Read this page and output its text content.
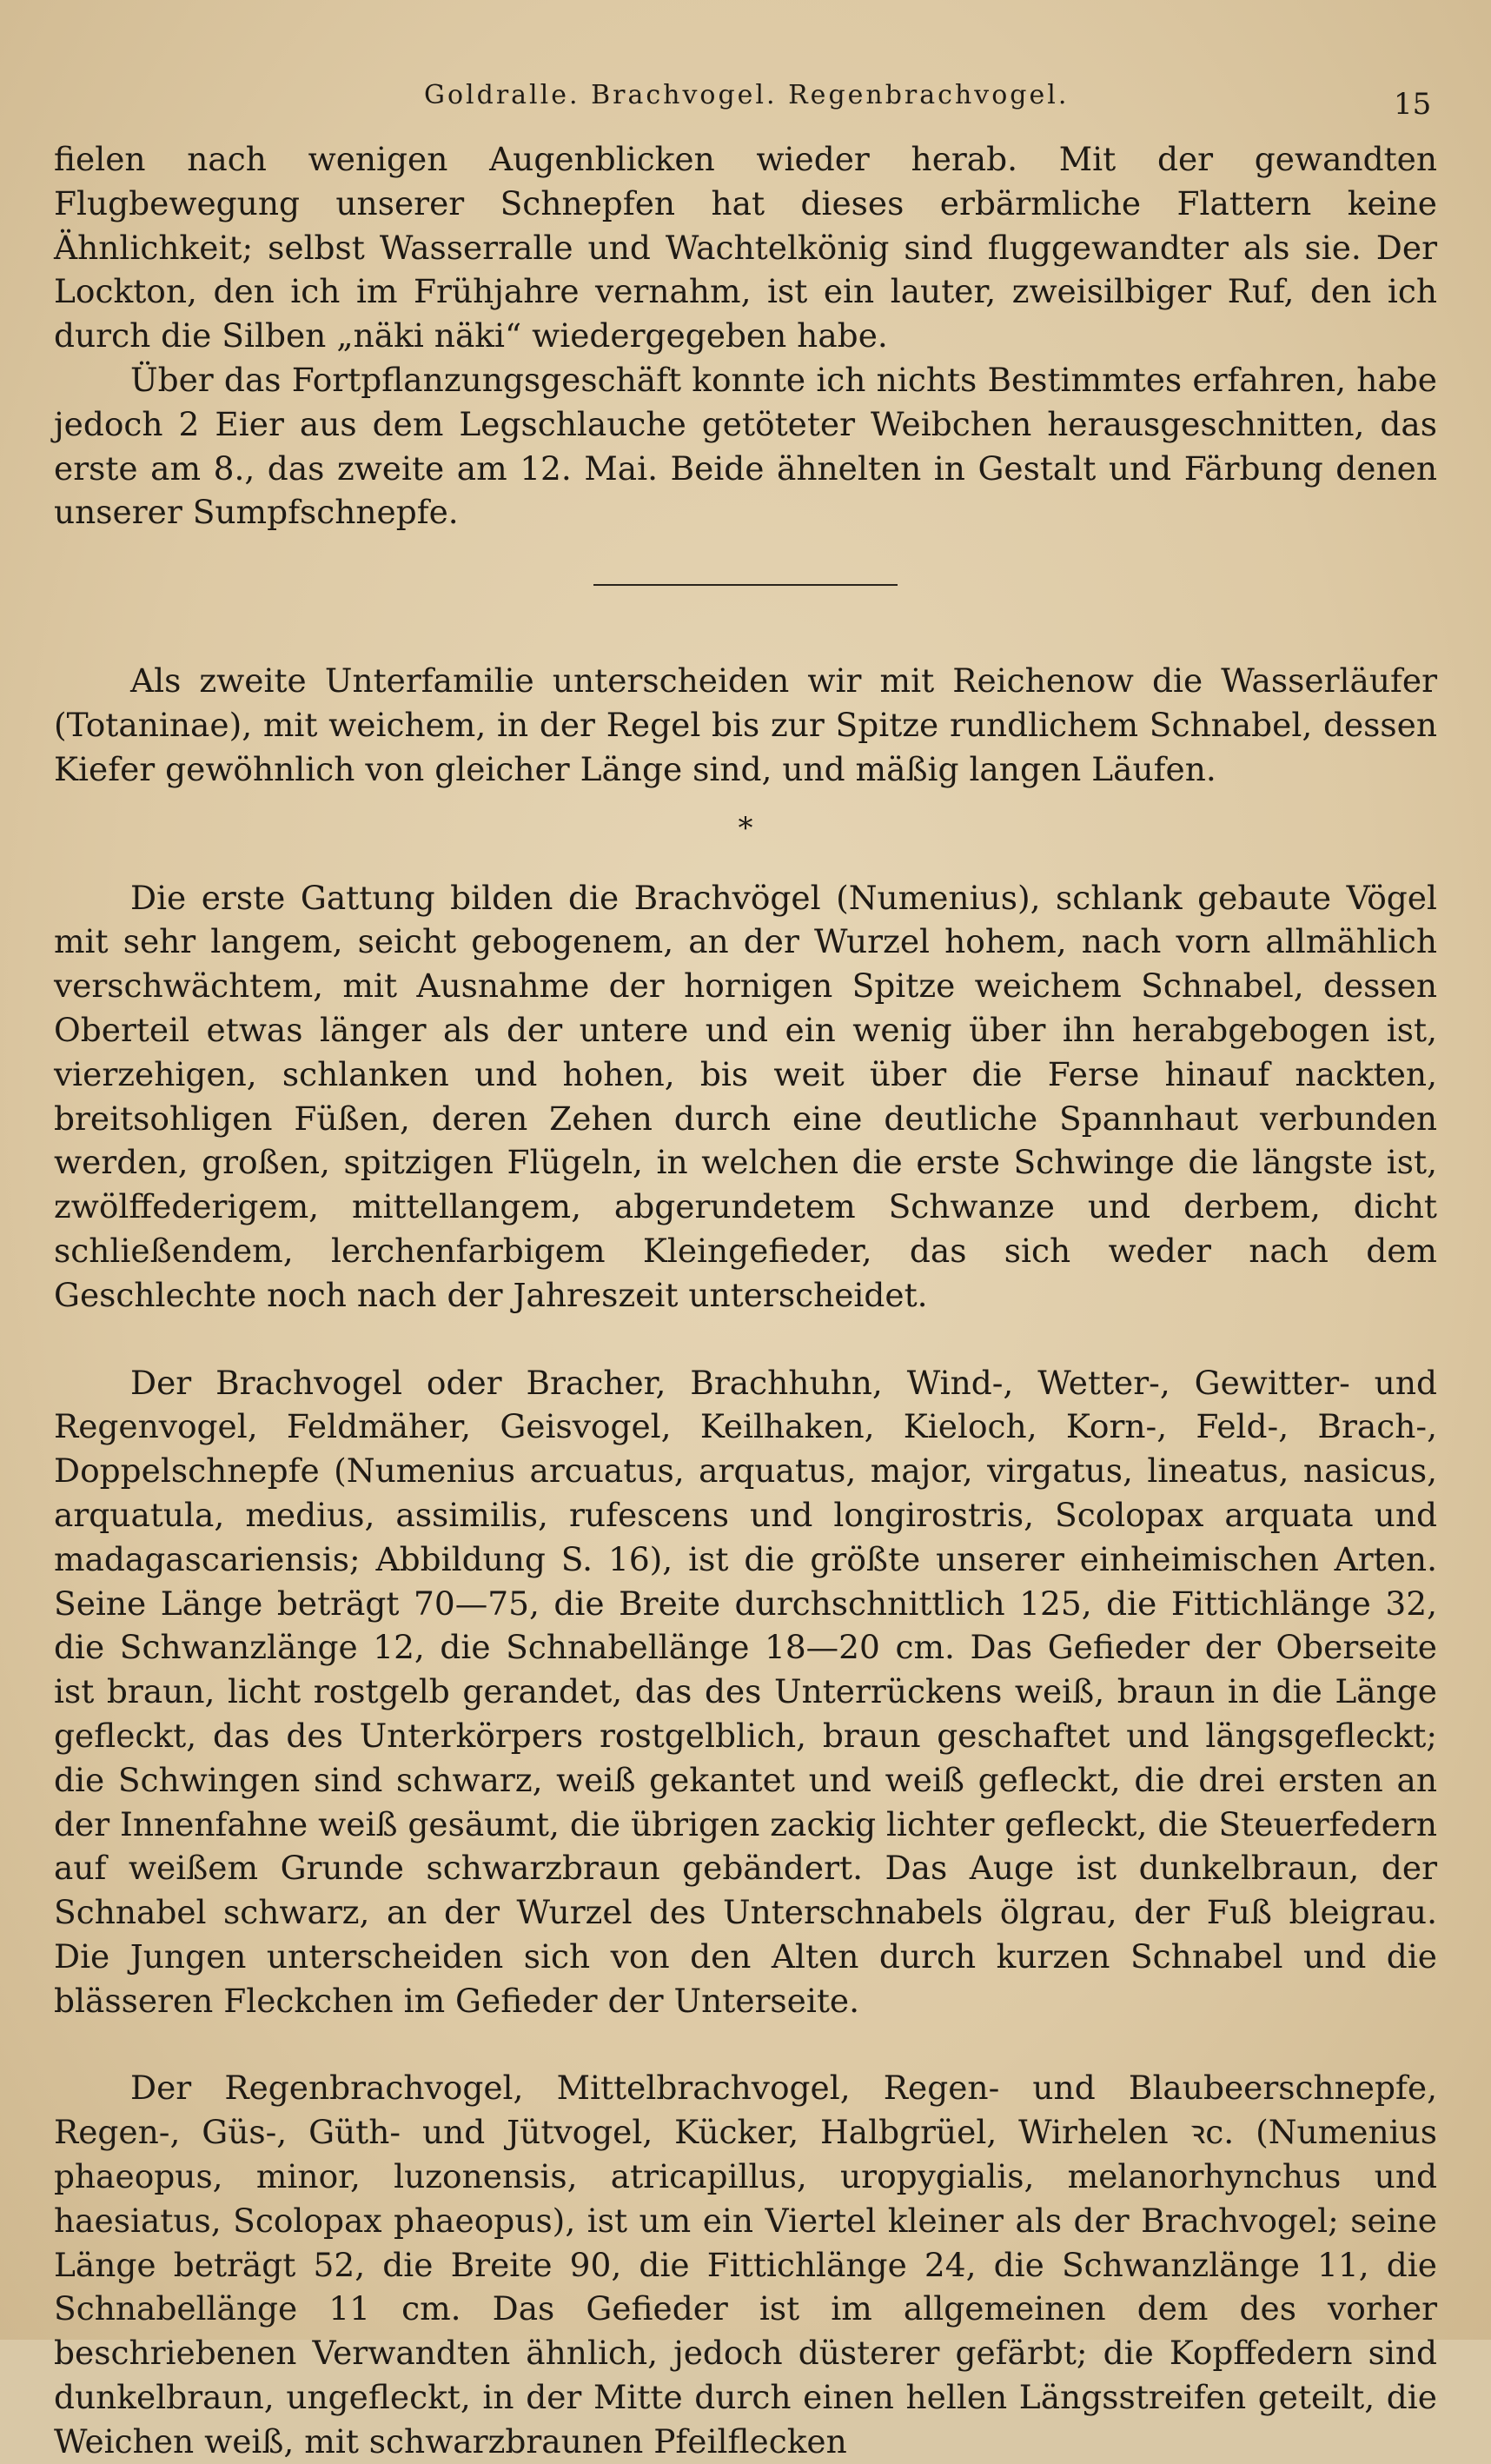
Goldralle. Brachvogel. Regenbrachvogel.	15

fielen nach wenigen Augenblicken wieder herab. Mit der gewandten Flugbewegung unserer Schnepfen hat dieses erbärmliche Flattern keine Ähnlichkeit; selbst Wasserralle und Wachtelkönig sind fluggewandter als sie. Der Lockton, den ich im Frühjahre vernahm, ist ein lauter, zweisilbiger Ruf, den ich durch die Silben „näki näki“ wiedergegeben habe.

Über das Fortpflanzungsgeschäft konnte ich nichts Bestimmtes erfahren, habe jedoch 2 Eier aus dem Legschlauche getöteter Weibchen herausgeschnitten, das erste am 8., das zweite am 12. Mai. Beide ähnelten in Gestalt und Färbung denen unserer Sumpfschnepfe.

Als zweite Unterfamilie unterscheiden wir mit Reichenow die Wasserläufer (Totaninae), mit weichem, in der Regel bis zur Spitze rundlichem Schnabel, dessen Kiefer gewöhnlich von gleicher Länge sind, und mäßig langen Läufen.

*

Die erste Gattung bilden die Brachvögel (Numenius), schlank gebaute Vögel mit sehr langem, seicht gebogenem, an der Wurzel hohem, nach vorn allmählich verschwächtem, mit Ausnahme der hornigen Spitze weichem Schnabel, dessen Oberteil etwas länger als der untere und ein wenig über ihn herabgebogen ist, vierzehigen, schlanken und hohen, bis weit über die Ferse hinauf nackten, breitsohligen Füßen, deren Zehen durch eine deutliche Spannhaut verbunden werden, großen, spitzigen Flügeln, in welchen die erste Schwinge die längste ist, zwölffederigem, mittellangem, abgerundetem Schwanze und derbem, dicht schließendem, lerchenfarbigem Kleingefieder, das sich weder nach dem Geschlechte noch nach der Jahreszeit unterscheidet.

Der Brachvogel oder Bracher, Brachhuhn, Wind-, Wetter-, Gewitter- und Regenvogel, Feldmäher, Geisvogel, Keilhaken, Kieloch, Korn-, Feld-, Brach-, Doppelschnepfe (Numenius arcuatus, arquatus, major, virgatus, lineatus, nasicus, arquatula, medius, assimilis, rufescens und longirostris, Scolopax arquata und madagascariensis; Abbildung S. 16), ist die größte unserer einheimischen Arten. Seine Länge beträgt 70—75, die Breite durchschnittlich 125, die Fittichlänge 32, die Schwanzlänge 12, die Schnabellänge 18—20 cm. Das Gefieder der Oberseite ist braun, licht rostgelb gerandet, das des Unterrückens weiß, braun in die Länge gefleckt, das des Unterkörpers rostgelblich, braun geschaftet und längsgefleckt; die Schwingen sind schwarz, weiß gekantet und weiß gefleckt, die drei ersten an der Innenfahne weiß gesäumt, die übrigen zackig lichter gefleckt, die Steuerfedern auf weißem Grunde schwarzbraun gebändert. Das Auge ist dunkelbraun, der Schnabel schwarz, an der Wurzel des Unterschnabels ölgrau, der Fuß bleigrau. Die Jungen unterscheiden sich von den Alten durch kurzen Schnabel und die blässeren Fleckchen im Gefieder der Unterseite.

Der Regenbrachvogel, Mittelbrachvogel, Regen- und Blaubeerschnepfe, Regen-, Güs-, Güth- und Jütvogel, Kücker, Halbgrüel, Wirhelen ꝛc. (Numenius phaeopus, minor, luzonensis, atricapillus, uropygialis, melanorhynchus und haesiatus, Scolopax phaeopus), ist um ein Viertel kleiner als der Brachvogel; seine Länge beträgt 52, die Breite 90, die Fittichlänge 24, die Schwanzlänge 11, die Schnabellänge 11 cm. Das Gefieder ist im allgemeinen dem des vorher beschriebenen Verwandten ähnlich, jedoch düsterer gefärbt; die Kopffedern sind dunkelbraun, ungefleckt, in der Mitte durch einen hellen Längsstreifen geteilt, die Weichen weiß, mit schwarzbraunen Pfeilflecken
